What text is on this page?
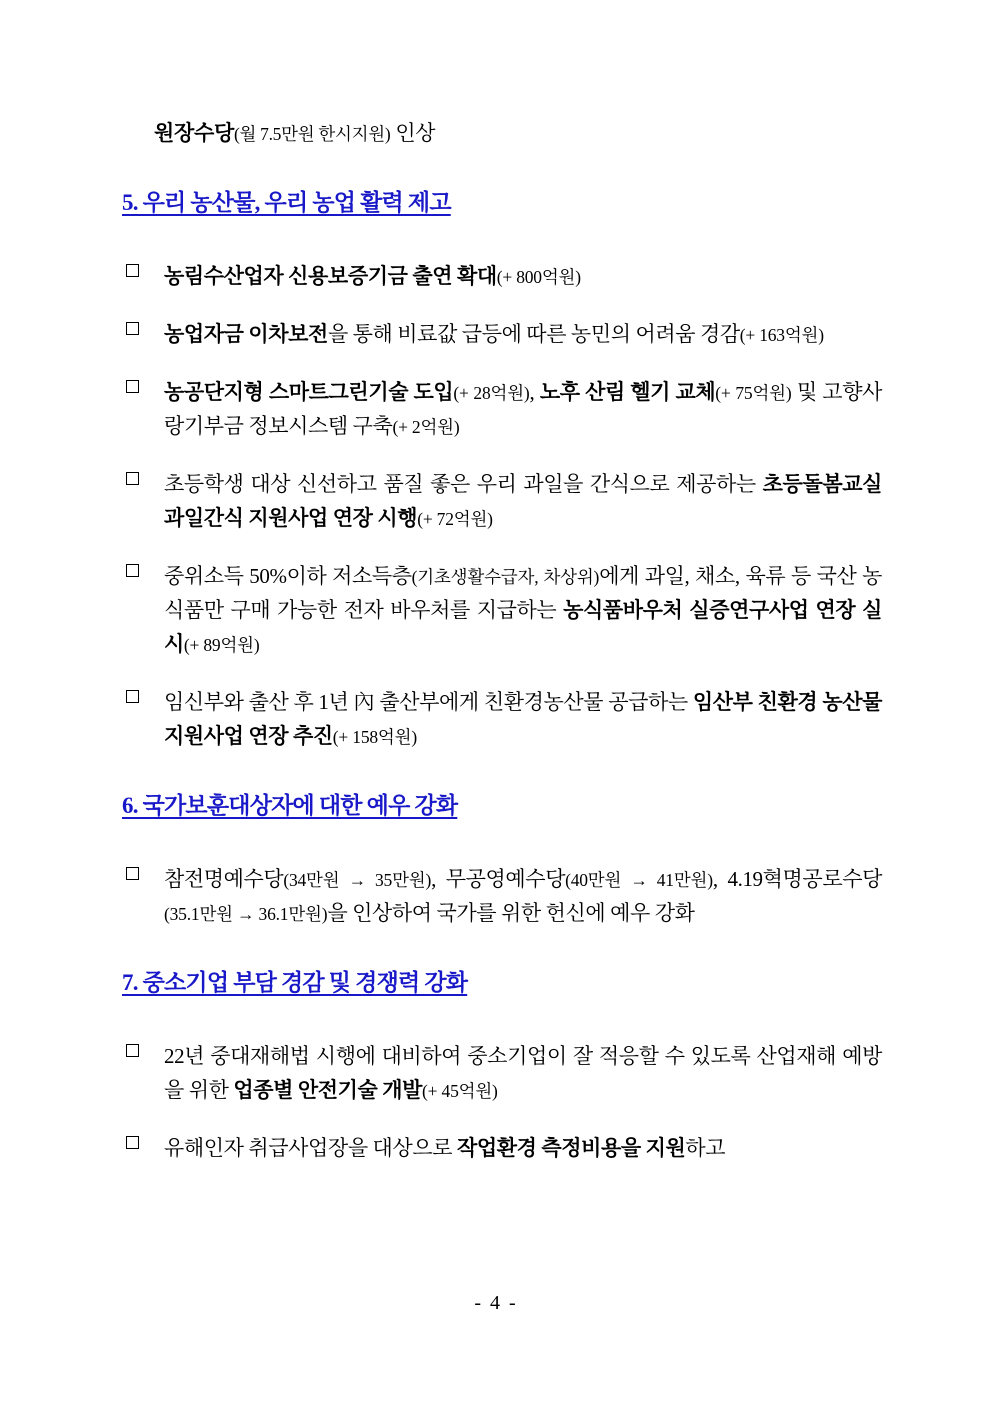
원장수당(월 7.5만원 한시지원) 인상

5. 우리 농산물, 우리 농업 활력 제고
농림수산업자 신용보증기금 출연 확대(+ 800억원)
농업자금 이차보전을 통해 비료값 급등에 따른 농민의 어려움 경감(+ 163억원)
농공단지형 스마트그린기술 도입(+ 28억원), 노후 산림 헬기 교체(+ 75억원) 및 고향사랑기부금 정보시스템 구축(+ 2억원)
초등학생 대상 신선하고 품질 좋은 우리 과일을 간식으로 제공하는 초등돌봄교실 과일간식 지원사업 연장 시행(+ 72억원)
중위소득 50%이하 저소득층(기초생활수급자, 차상위)에게 과일, 채소, 육류 등 국산 농식품만 구매 가능한 전자 바우처를 지급하는 농식품바우처 실증연구사업 연장 실시(+ 89억원)
임신부와 출산 후 1년 內 출산부에게 친환경농산물 공급하는 임산부 친환경 농산물 지원사업 연장 추진(+ 158억원)
6. 국가보훈대상자에 대한 예우 강화
참전명예수당(34만원 → 35만원), 무공영예수당(40만원 → 41만원), 4.19혁명공로수당(35.1만원 → 36.1만원)을 인상하여 국가를 위한 헌신에 예우 강화
7. 중소기업 부담 경감 및 경쟁력 강화
22년 중대재해법 시행에 대비하여 중소기업이 잘 적응할 수 있도록 산업재해 예방을 위한 업종별 안전기술 개발(+ 45억원)
유해인자 취급사업장을 대상으로 작업환경 측정비용을 지원하고
- 4 -
